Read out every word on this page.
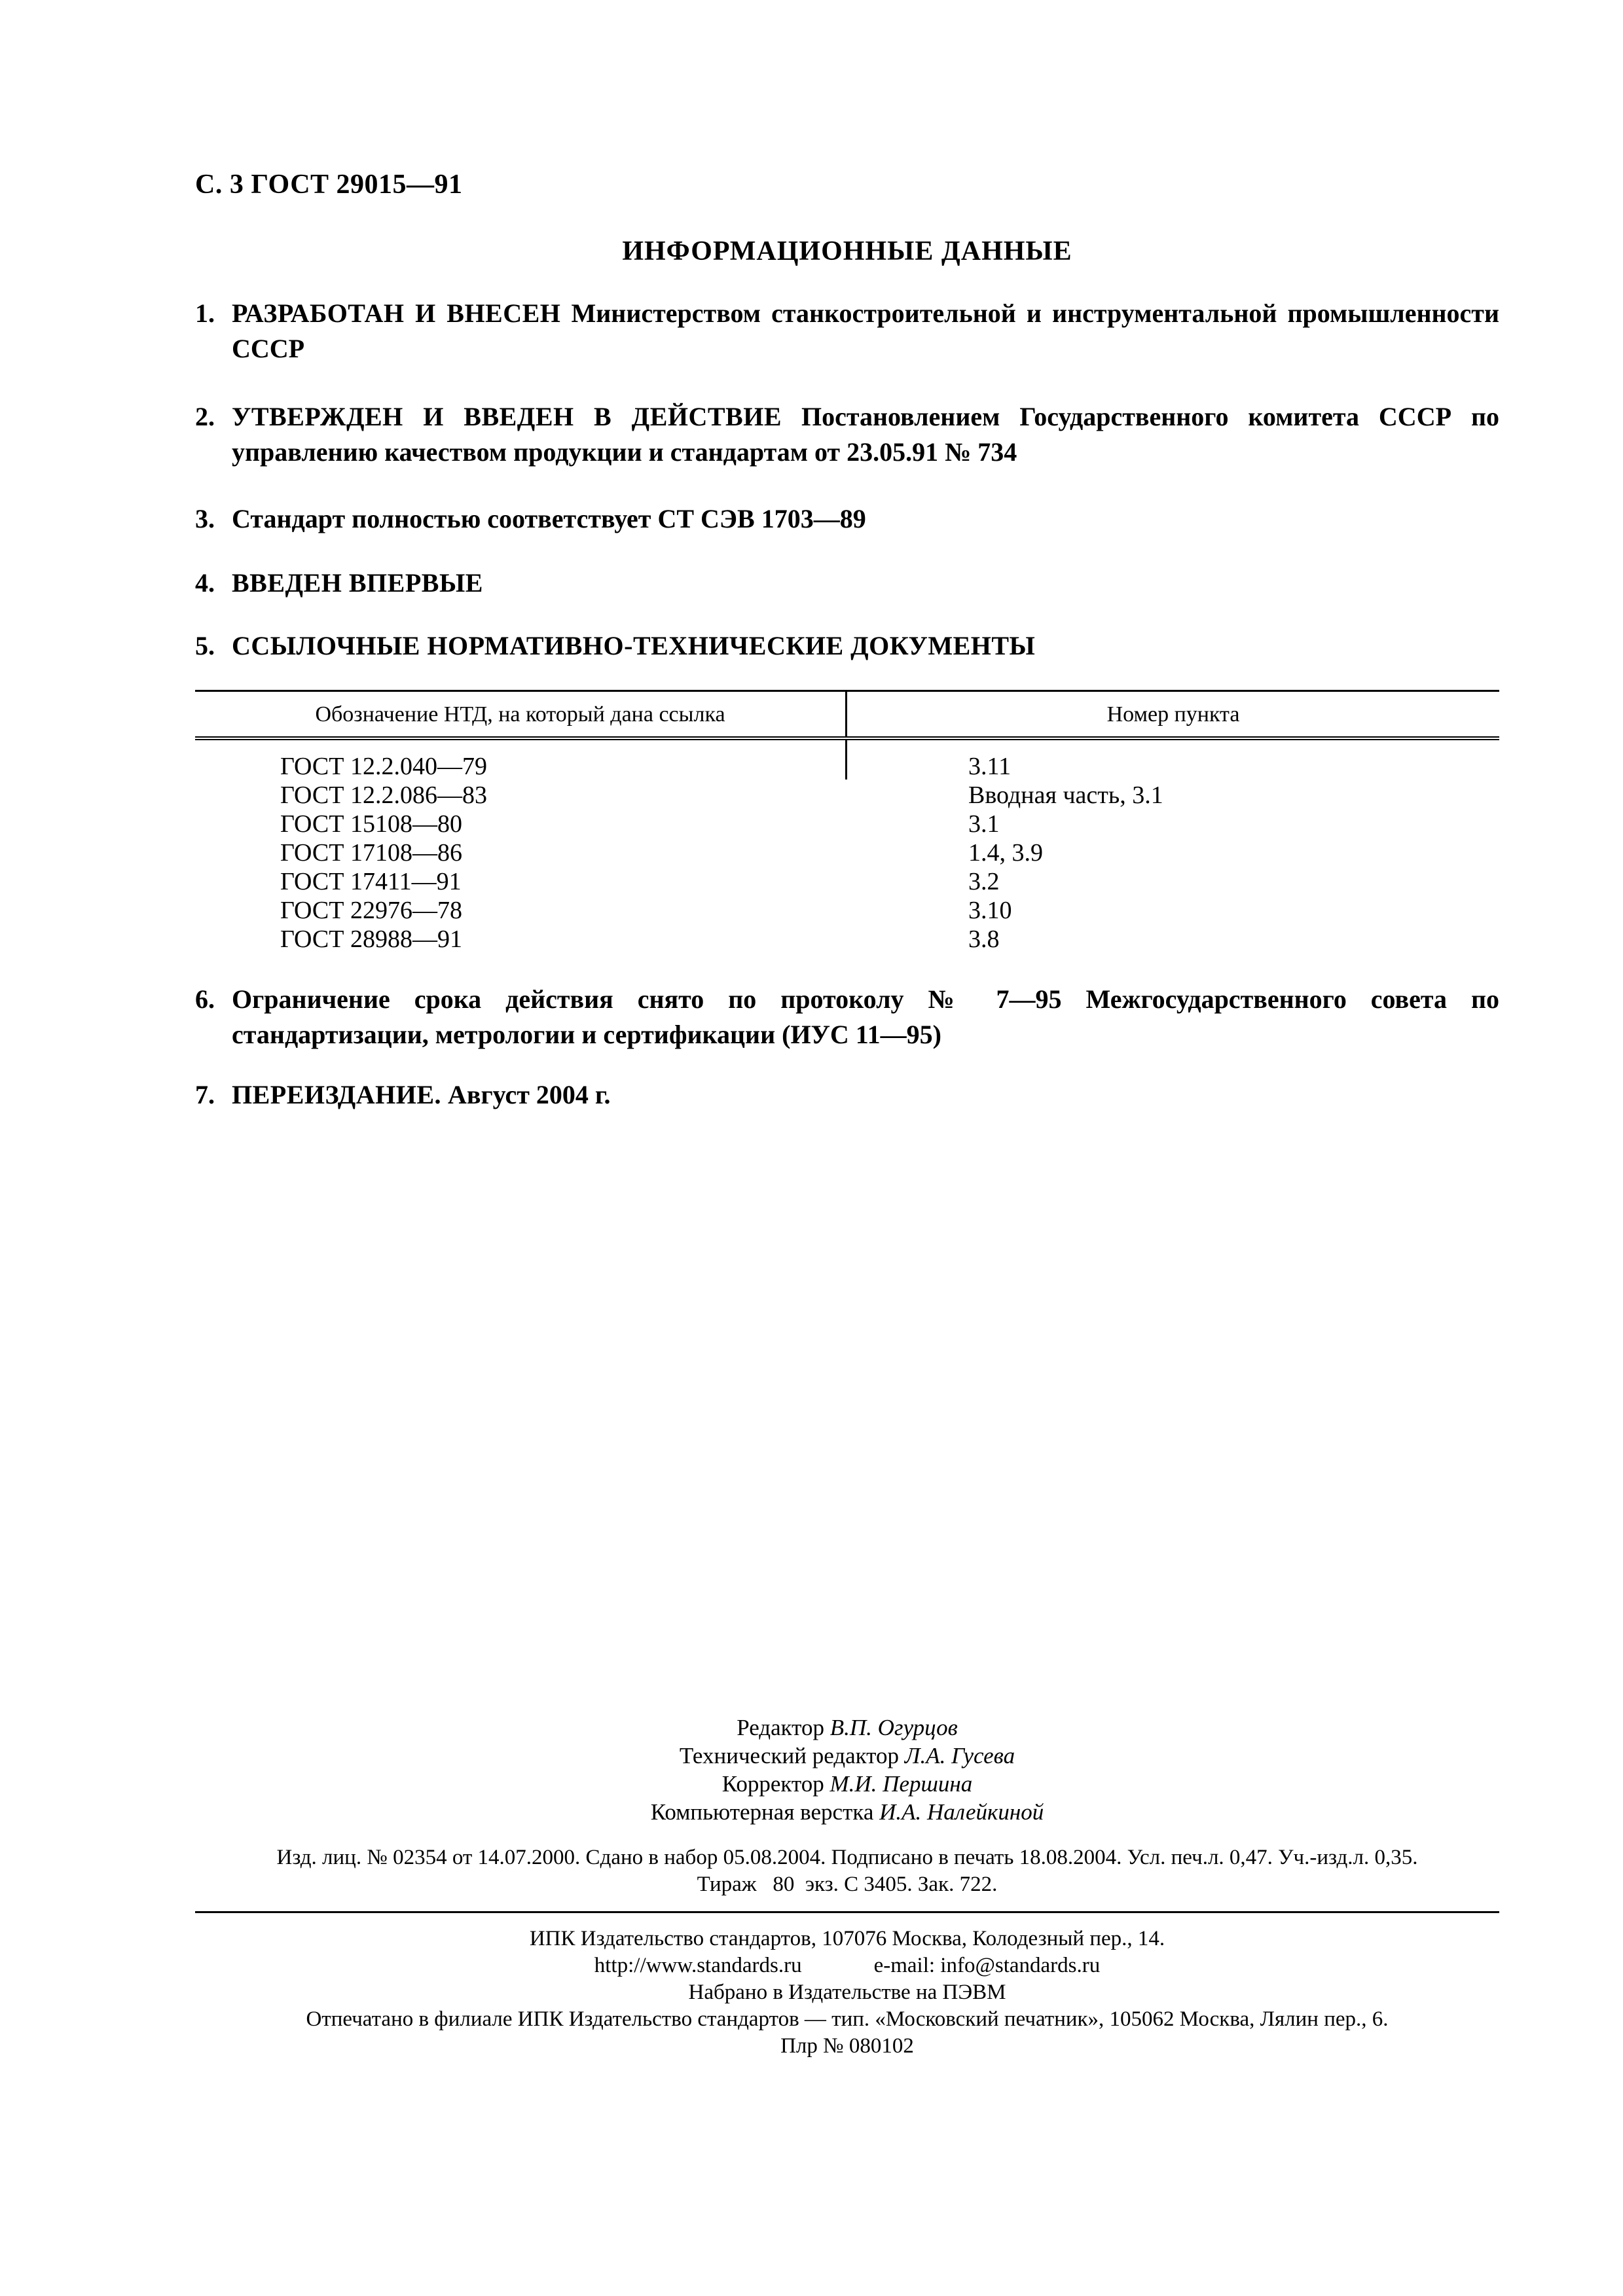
С. 3 ГОСТ 29015—91
ИНФОРМАЦИОННЫЕ ДАННЫЕ
1. РАЗРАБОТАН И ВНЕСЕН Министерством станкостроительной и инструментальной промышленности СССР
2. УТВЕРЖДЕН И ВВЕДЕН В ДЕЙСТВИЕ Постановлением Государственного комитета СССР по управлению качеством продукции и стандартам от 23.05.91 № 734
3. Стандарт полностью соответствует СТ СЭВ 1703—89
4. ВВЕДЕН ВПЕРВЫЕ
5. ССЫЛОЧНЫЕ НОРМАТИВНО-ТЕХНИЧЕСКИЕ ДОКУМЕНТЫ
Обозначение НТД, на который дана ссылка	Номер пункта
ГОСТ 12.2.040—79	3.11
ГОСТ 12.2.086—83	Вводная часть, 3.1
ГОСТ 15108—80	3.1
ГОСТ 17108—86	1.4, 3.9
ГОСТ 17411—91	3.2
ГОСТ 22976—78	3.10
ГОСТ 28988—91	3.8
6. Ограничение срока действия снято по протоколу № 7—95 Межгосударственного совета по стандартизации, метрологии и сертификации (ИУС 11—95)
7. ПЕРЕИЗДАНИЕ. Август 2004 г.
Редактор В.П. Огурцов
Технический редактор Л.А. Гусева
Корректор М.И. Першина
Компьютерная верстка И.А. Налейкиной
Изд. лиц. № 02354 от 14.07.2000. Сдано в набор 05.08.2004. Подписано в печать 18.08.2004. Усл. печ.л. 0,47. Уч.-изд.л. 0,35.
Тираж   80  экз. С 3405. Зак. 722.
ИПК Издательство стандартов, 107076 Москва, Колодезный пер., 14.
http://www.standards.ru	e-mail: info@standards.ru
Набрано в Издательстве на ПЭВМ
Отпечатано в филиале ИПК Издательство стандартов — тип. «Московский печатник», 105062 Москва, Лялин пер., 6.
Плр № 080102
